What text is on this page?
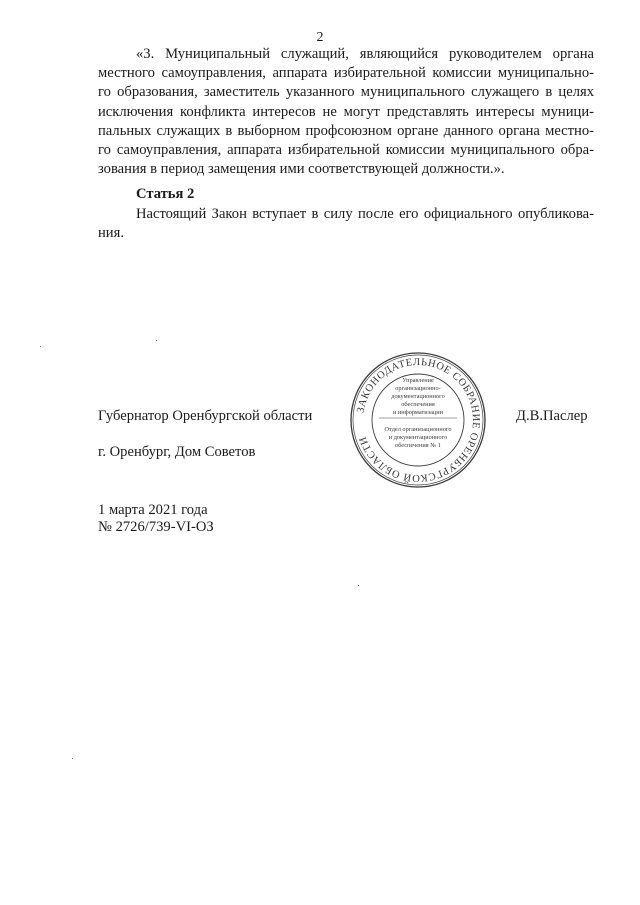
2
«3. Муниципальный служащий, являющийся руководителем органа
местного самоуправления, аппарата избирательной комиссии муниципально-
го образования, заместитель указанного муниципального служащего в целях
исключения конфликта интересов не могут представлять интересы муници-
пальных служащих в выборном профсоюзном органе данного органа местно-
го самоуправления, аппарата избирательной комиссии муниципального обра-
зования в период замещения ими соответствующей должности.».
Статья 2
Настоящий Закон вступает в силу после его официального опубликова-
ния.
Губернатор Оренбургской области	Д.В.Паслер
г. Оренбург, Дом Советов
1 марта 2021 года
№ 2726/739-VI-ОЗ
ЗАКОНОДАТЕЛЬНОЕ СОБРАНИЕ ОРЕНБУРГСКОЙ ОБЛАСТИ
Управление
организационно-
документационного
обеспечения
и информатизации
Отдел организационного
и документационного
обеспечения № 1
